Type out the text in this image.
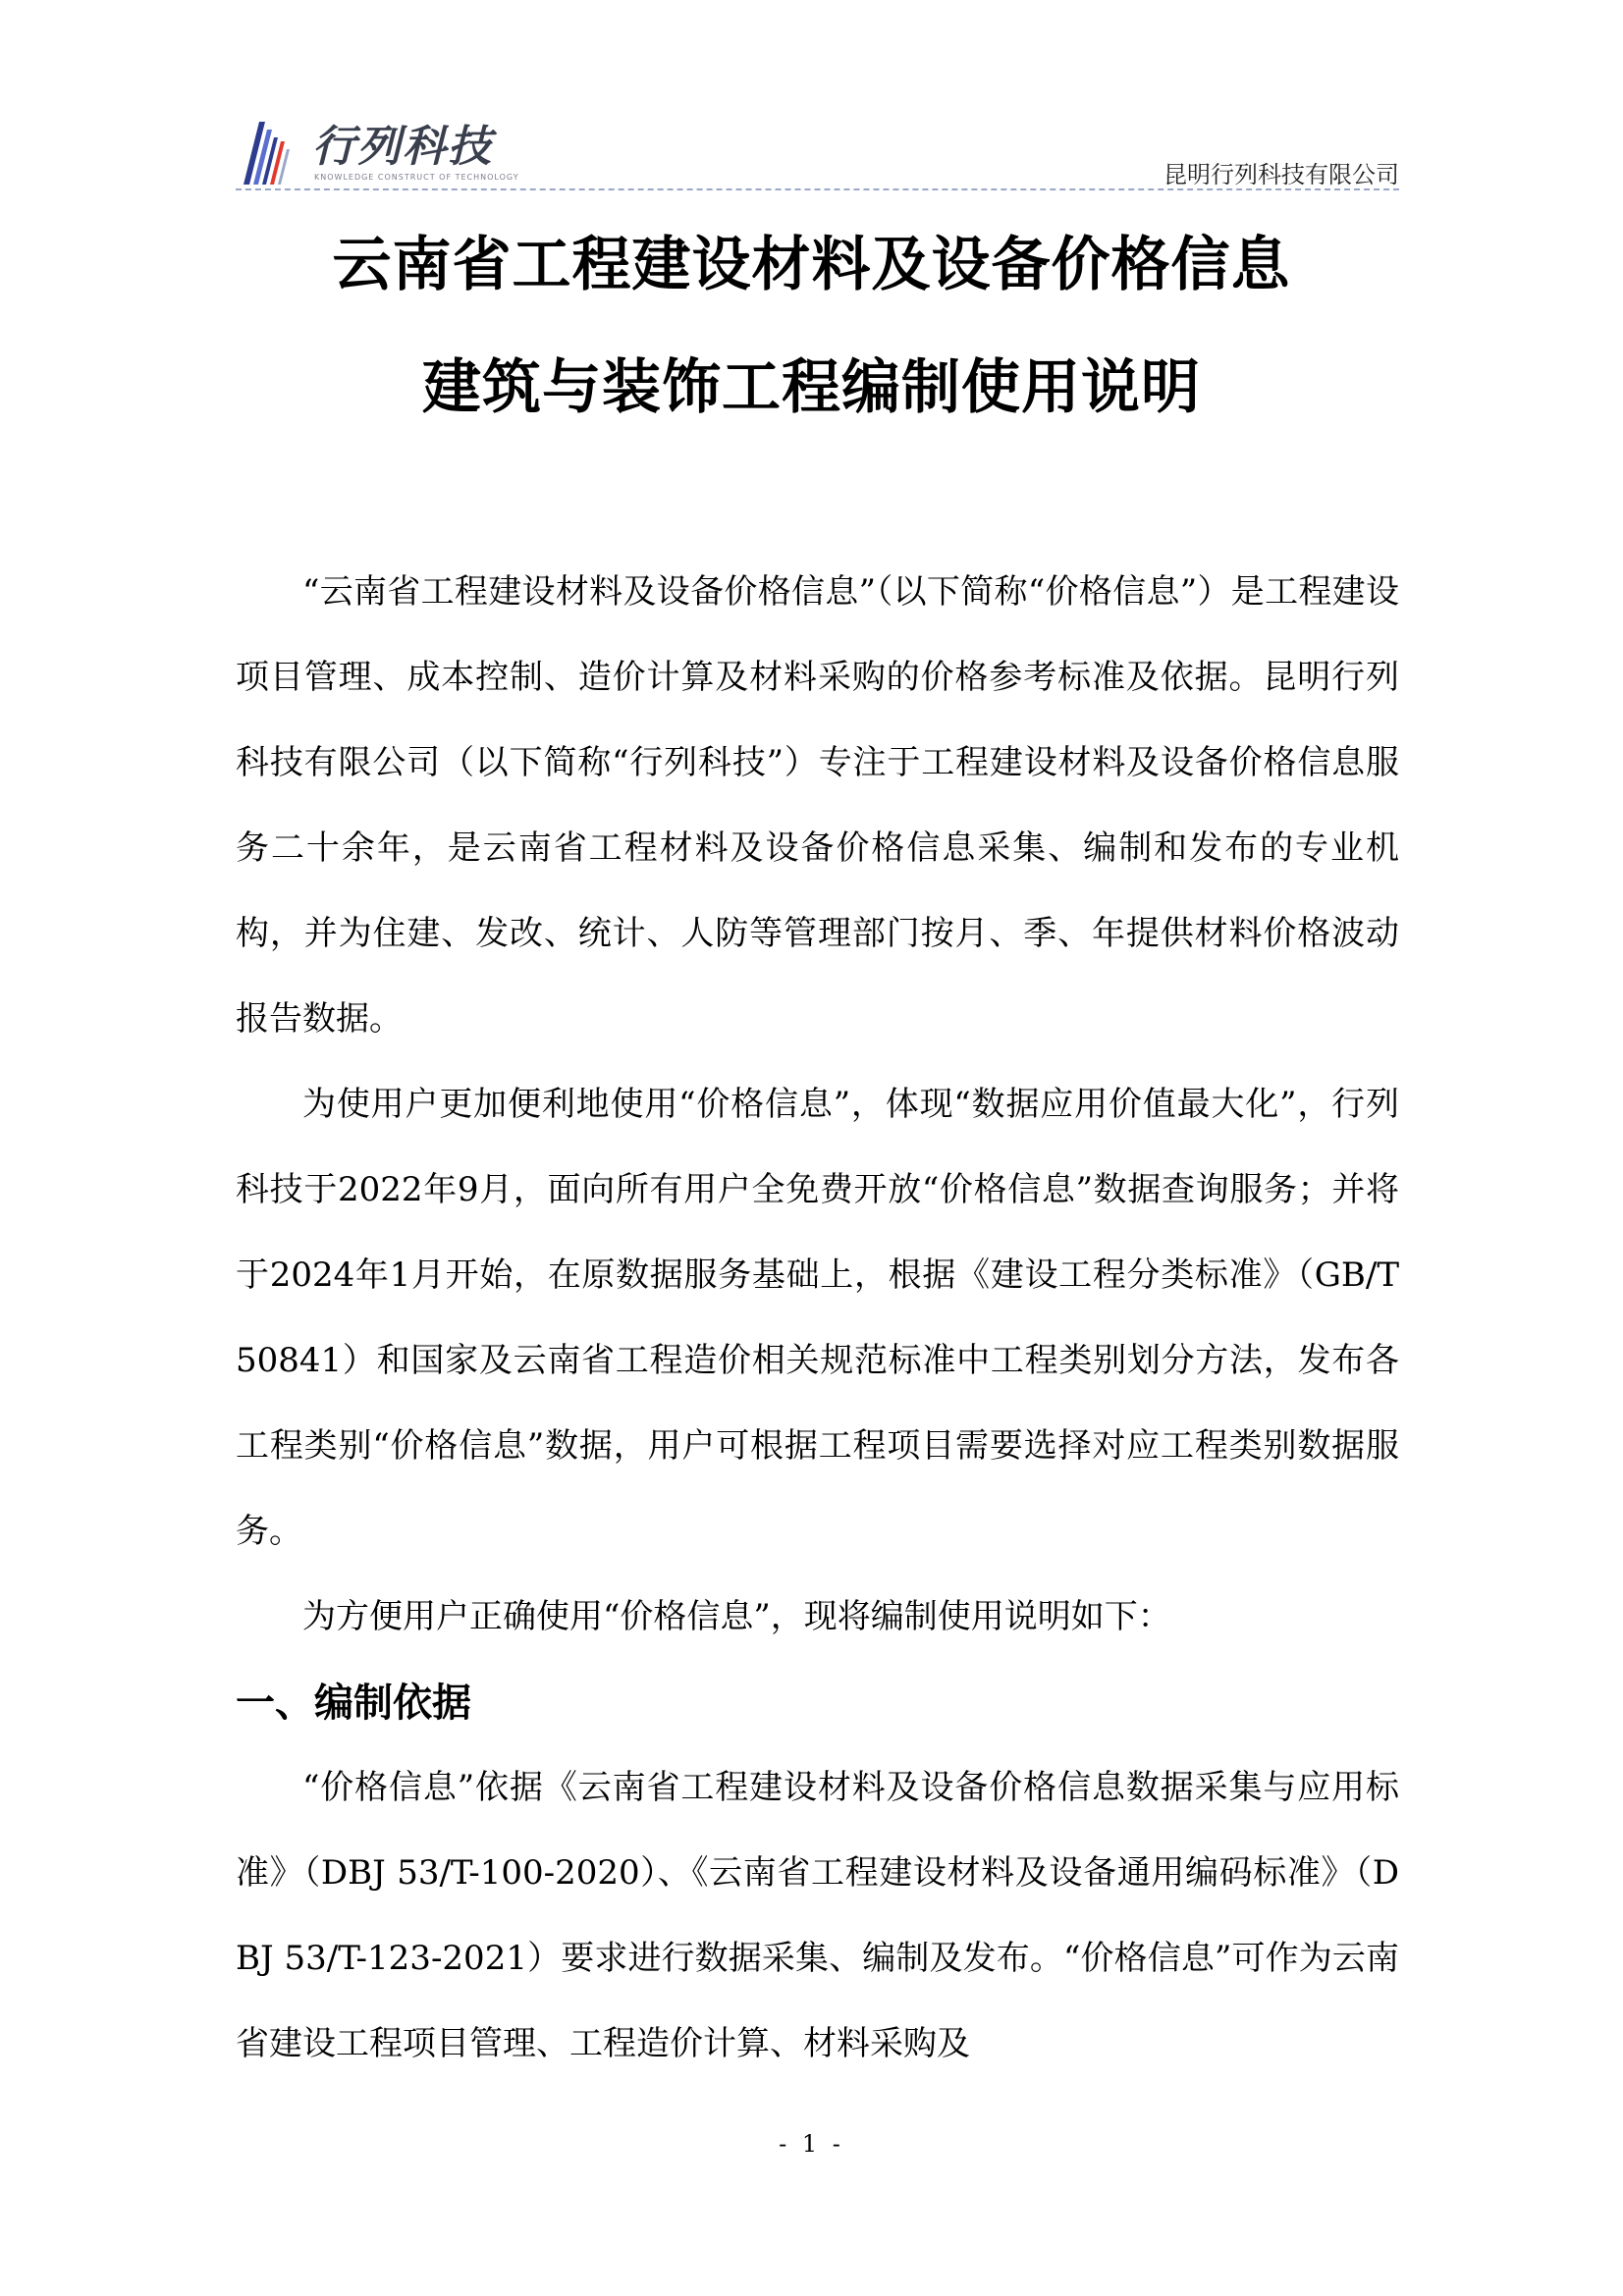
行列科技
KNOWLEDGE CONSTRUCT OF TECHNOLOGY	昆明行列科技有限公司
云南省工程建设材料及设备价格信息
建筑与装饰工程编制使用说明

“云南省工程建设材料及设备价格信息”（以下简称“价格信息”）是工程建设项目管理、成本控制、造价计算及材料采购的价格参考标准及依据。昆明行列科技有限公司（以下简称“行列科技”）专注于工程建设材料及设备价格信息服务二十余年，是云南省工程材料及设备价格信息采集、编制和发布的专业机构，并为住建、发改、统计、人防等管理部门按月、季、年提供材料价格波动报告数据。

为使用户更加便利地使用“价格信息”，体现“数据应用价值最大化”，行列科技于2022年9月，面向所有用户全免费开放“价格信息”数据查询服务；并将于2024年1月开始，在原数据服务基础上，根据《建设工程分类标准》（GB/T 50841）和国家及云南省工程造价相关规范标准中工程类别划分方法，发布各工程类别“价格信息”数据，用户可根据工程项目需要选择对应工程类别数据服务。

为方便用户正确使用“价格信息”，现将编制使用说明如下：

一、编制依据

“价格信息”依据《云南省工程建设材料及设备价格信息数据采集与应用标准》（DBJ 53/T-100-2020）、《云南省工程建设材料及设备通用编码标准》（DBJ 53/T-123-2021）要求进行数据采集、编制及发布。“价格信息”可作为云南省建设工程项目管理、工程造价计算、材料采购及

- 1 -
